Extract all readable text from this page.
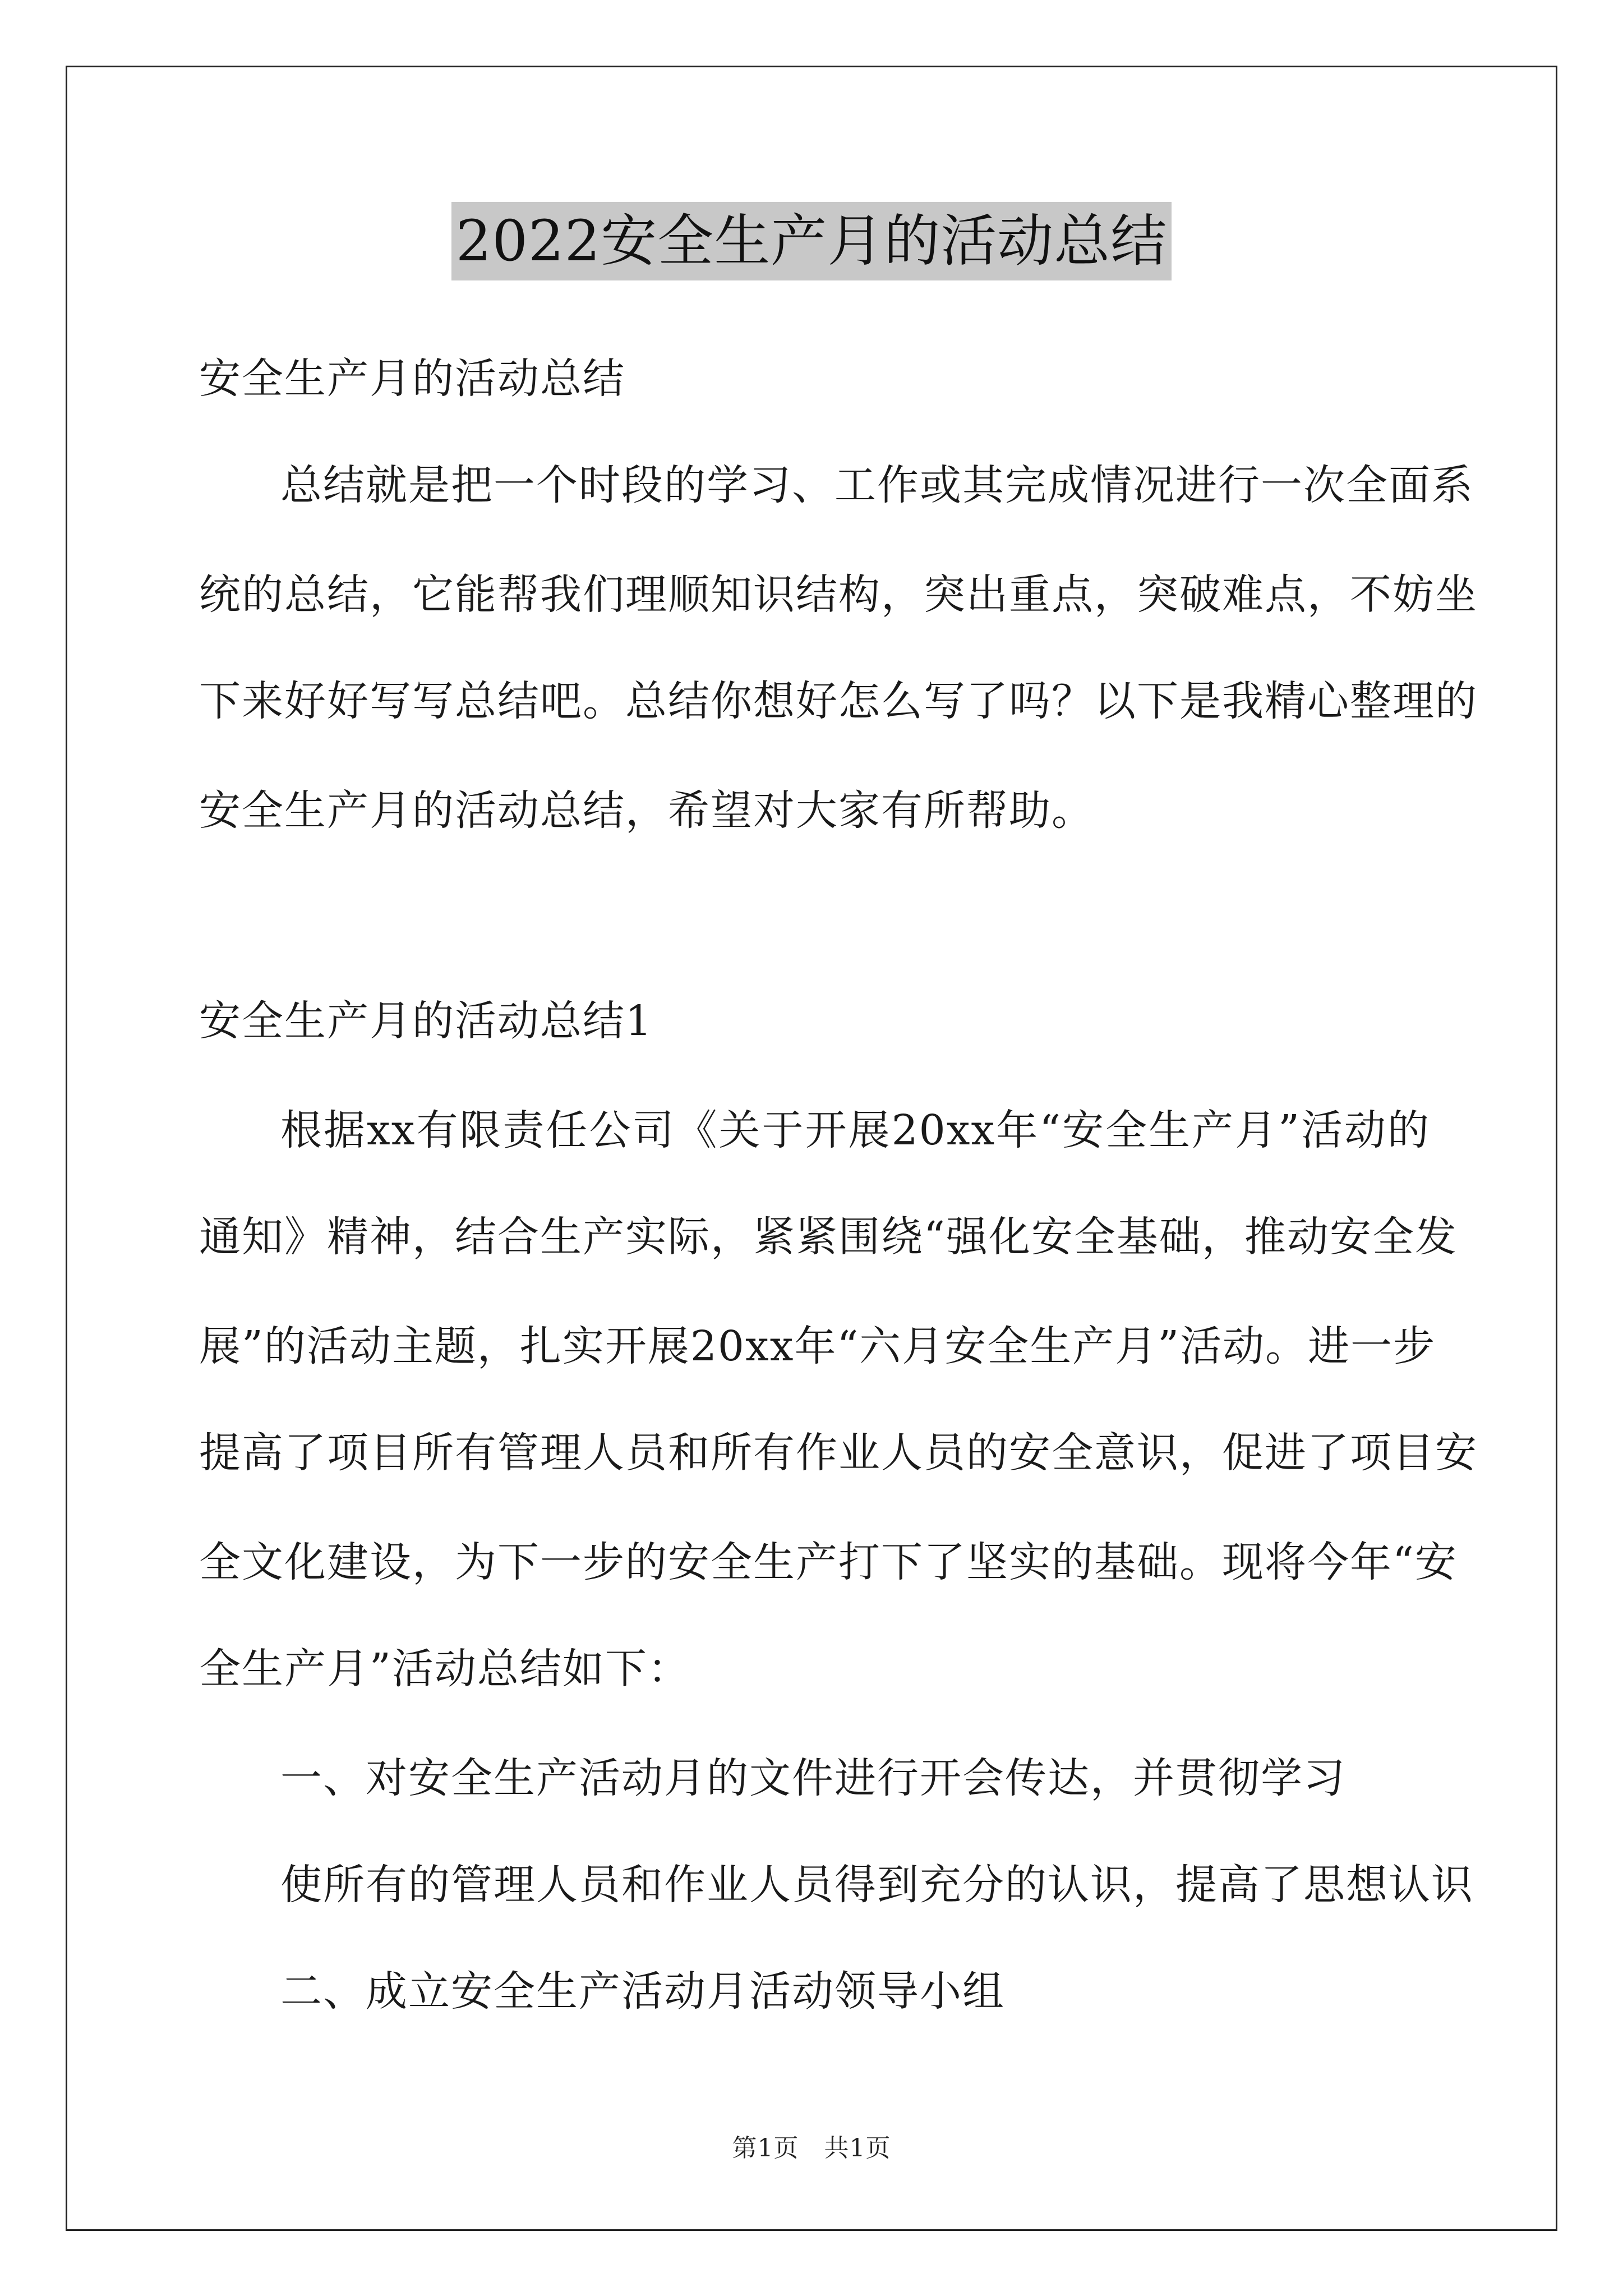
2022安全生产月的活动总结
安全生产月的活动总结
总结就是把一个时段的学习、工作或其完成情况进行一次全面系
统的总结，它能帮我们理顺知识结构，突出重点，突破难点，不妨坐
下来好好写写总结吧。总结你想好怎么写了吗？以下是我精心整理的
安全生产月的活动总结，希望对大家有所帮助。
安全生产月的活动总结1
根据xx有限责任公司《关于开展20xx年“安全生产月”活动的
通知》精神，结合生产实际，紧紧围绕“强化安全基础，推动安全发
展”的活动主题，扎实开展20xx年“六月安全生产月”活动。进一步
提高了项目所有管理人员和所有作业人员的安全意识，促进了项目安
全文化建设，为下一步的安全生产打下了坚实的基础。现将今年“安
全生产月”活动总结如下：
一、对安全生产活动月的文件进行开会传达，并贯彻学习
使所有的管理人员和作业人员得到充分的认识，提高了思想认识
二、成立安全生产活动月活动领导小组
第1页　共1页
